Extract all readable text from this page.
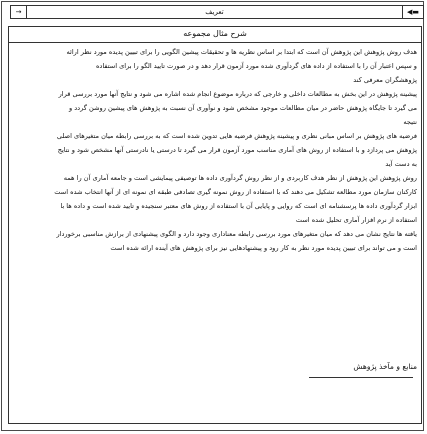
→	تعريف	◀▬
شرح مثال مجموعه
هدف روش پژوهش این پژوهش آن است که ابتدا بر اساس نظریه ها و تحقیقات پیشین الگویی را برای تبیین پدیده مورد نظر ارائه
و سپس اعتبار آن را با استفاده از داده های گردآوری شده مورد آزمون قرار دهد و در صورت تایید الگو را برای استفاده
پژوهشگران معرفی کند
پیشینه پژوهش در این بخش به مطالعات داخلی و خارجی که درباره موضوع انجام شده اشاره می شود و نتایج آنها مورد بررسی قرار
می گیرد تا جایگاه پژوهش حاضر در میان مطالعات موجود مشخص شود و نوآوری آن نسبت به پژوهش های پیشین روشن گردد و
نتیجه
فرضیه های پژوهش بر اساس مبانی نظری و پیشینه پژوهش فرضیه هایی تدوین شده است که به بررسی رابطه میان متغیرهای اصلی
پژوهش می پردازد و با استفاده از روش های آماری مناسب مورد آزمون قرار می گیرد تا درستی یا نادرستی آنها مشخص شود و نتایج
به دست آید
روش پژوهش این پژوهش از نظر هدف کاربردی و از نظر روش گردآوری داده ها توصیفی پیمایشی است و جامعه آماری آن را همه
کارکنان سازمان مورد مطالعه تشکیل می دهند که با استفاده از روش نمونه گیری تصادفی طبقه ای نمونه ای از آنها انتخاب شده است
ابزار گردآوری داده ها پرسشنامه ای است که روایی و پایایی آن با استفاده از روش های معتبر سنجیده و تایید شده است و داده ها با
استفاده از نرم افزار آماری تحلیل شده است
یافته ها نتایج نشان می دهد که میان متغیرهای مورد بررسی رابطه معناداری وجود دارد و الگوی پیشنهادی از برازش مناسبی برخوردار
است و می تواند برای تبیین پدیده مورد نظر به کار رود و پیشنهادهایی نیز برای پژوهش های آینده ارائه شده است
منابع و مآخذ پژوهش
